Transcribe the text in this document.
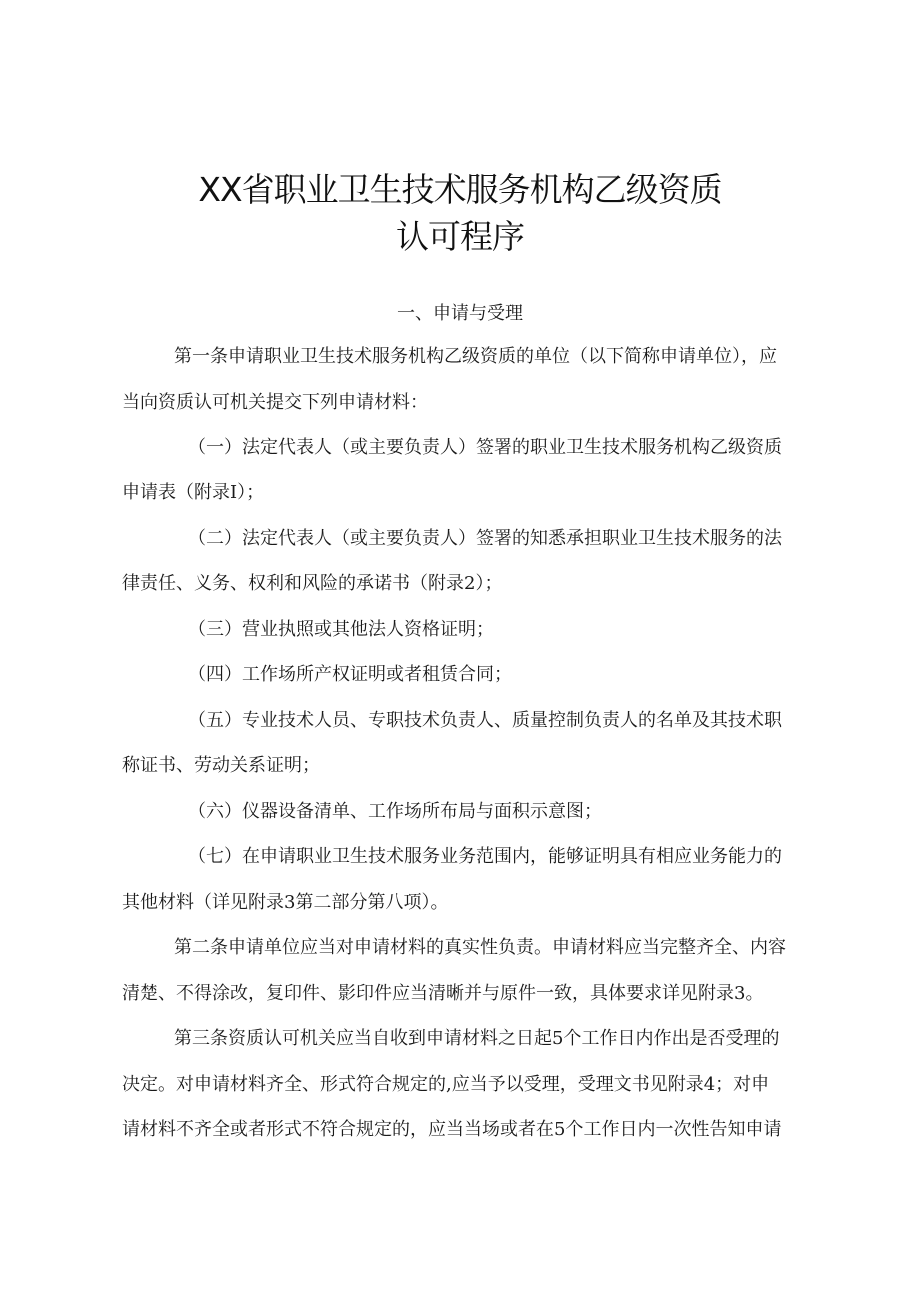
XX省职业卫生技术服务机构乙级资质
认可程序
一、申请与受理
第一条申请职业卫生技术服务机构乙级资质的单位（以下简称申请单位），应
当向资质认可机关提交下列申请材料：
（一）法定代表人（或主要负责人）签署的职业卫生技术服务机构乙级资质
申请表（附录Ⅰ）；
（二）法定代表人（或主要负责人）签署的知悉承担职业卫生技术服务的法
律责任、义务、权利和风险的承诺书（附录2）；
（三）营业执照或其他法人资格证明；
（四）工作场所产权证明或者租赁合同；
（五）专业技术人员、专职技术负责人、质量控制负责人的名单及其技术职
称证书、劳动关系证明；
（六）仪器设备清单、工作场所布局与面积示意图；
（七）在申请职业卫生技术服务业务范围内，能够证明具有相应业务能力的
其他材料（详见附录3第二部分第八项）。
第二条申请单位应当对申请材料的真实性负责。申请材料应当完整齐全、内容
清楚、不得涂改，复印件、影印件应当清晰并与原件一致，具体要求详见附录3。
第三条资质认可机关应当自收到申请材料之日起5个工作日内作出是否受理的
决定。对申请材料齐全、形式符合规定的,应当予以受理，受理文书见附录4；对申
请材料不齐全或者形式不符合规定的，应当当场或者在5个工作日内一次性告知申请
